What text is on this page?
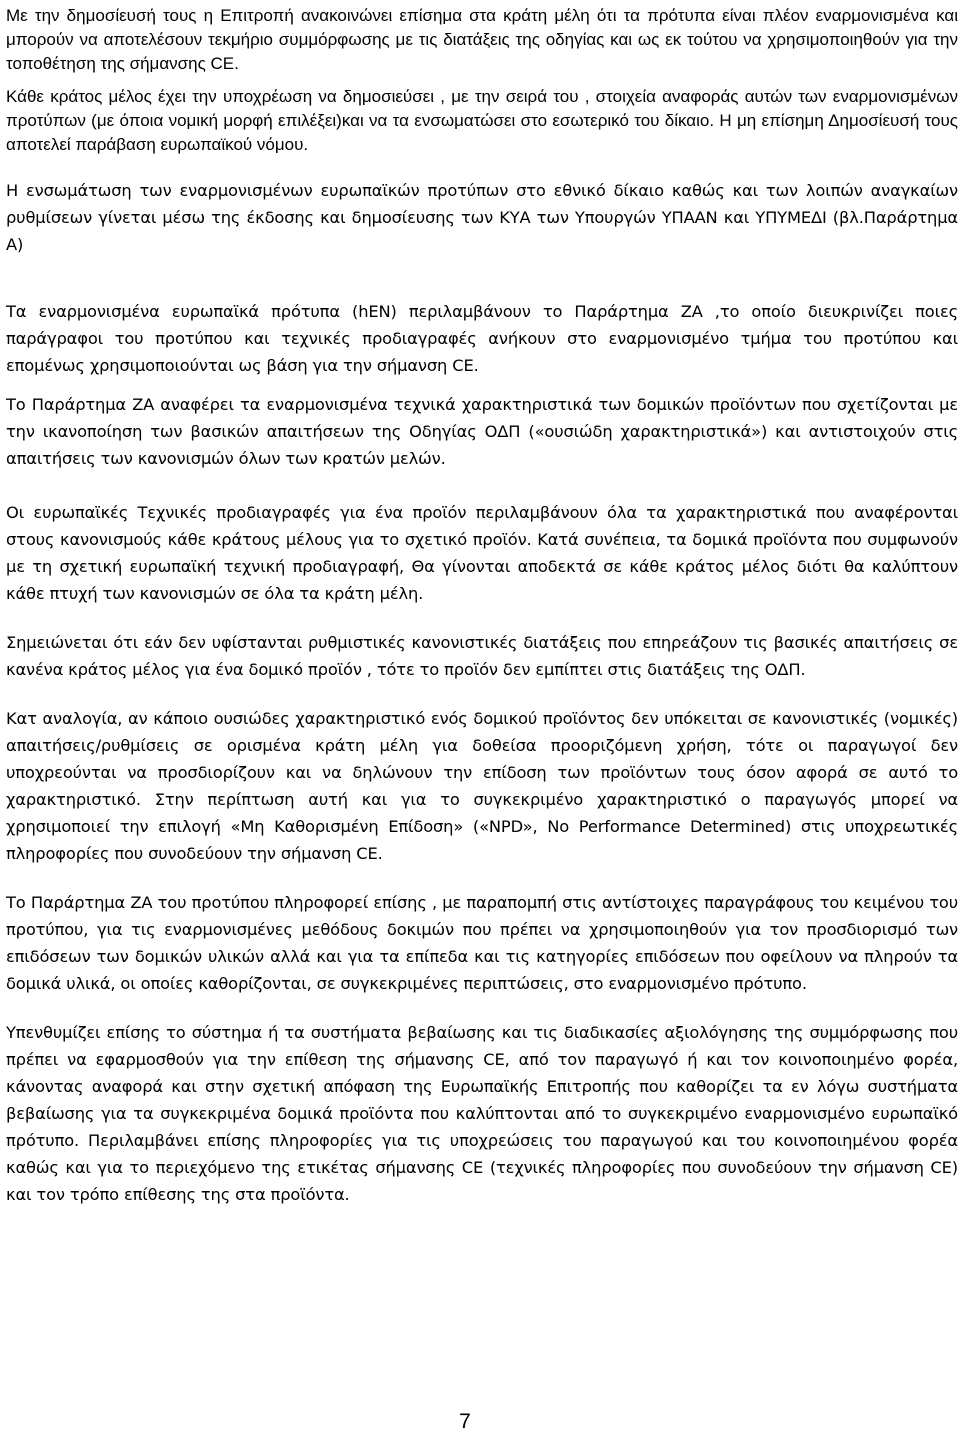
Με την δημοσίευσή τους η Επιτροπή ανακοινώνει επίσημα στα κράτη μέλη ότι τα πρότυπα είναι πλέον εναρμονισμένα και μπορούν να αποτελέσουν τεκμήριο συμμόρφωσης με τις διατάξεις της οδηγίας και ως εκ τούτου να χρησιμοποιηθούν για την τοποθέτηση της σήμανσης CE.

Κάθε κράτος μέλος έχει την υποχρέωση να δημοσιεύσει , με την σειρά του , στοιχεία αναφοράς αυτών των εναρμονισμένων προτύπων (με όποια νομική μορφή επιλέξει)και να τα ενσωματώσει στο εσωτερικό του δίκαιο. Η μη επίσημη Δημοσίευσή τους αποτελεί παράβαση ευρωπαϊκού νόμου.

Η ενσωμάτωση των εναρμονισμένων ευρωπαϊκών προτύπων στο εθνικό δίκαιο καθώς και των λοιπών αναγκαίων ρυθμίσεων γίνεται μέσω της έκδοσης και δημοσίευσης των ΚΥΑ των Υπουργών ΥΠΑΑΝ και ΥΠΥΜΕΔΙ (βλ.Παράρτημα Α)

Τα εναρμονισμένα ευρωπαϊκά πρότυπα (hEN) περιλαμβάνουν το Παράρτημα ΖΑ ,το οποίο διευκρινίζει ποιες παράγραφοι του προτύπου και τεχνικές προδιαγραφές ανήκουν στο εναρμονισμένο τμήμα του προτύπου και επομένως χρησιμοποιούνται ως βάση για την σήμανση CE.

Το Παράρτημα ΖΑ αναφέρει τα εναρμονισμένα τεχνικά χαρακτηριστικά των δομικών προϊόντων που σχετίζονται με την ικανοποίηση των βασικών απαιτήσεων της Οδηγίας ΟΔΠ («ουσιώδη χαρακτηριστικά») και αντιστοιχούν στις απαιτήσεις των κανονισμών όλων των κρατών μελών.

Οι ευρωπαϊκές Τεχνικές προδιαγραφές για ένα προϊόν περιλαμβάνουν όλα τα χαρακτηριστικά που αναφέρονται στους κανονισμούς κάθε κράτους μέλους για το σχετικό προϊόν. Κατά συνέπεια, τα δομικά προϊόντα που συμφωνούν με τη σχετική ευρωπαϊκή τεχνική προδιαγραφή, Θα γίνονται αποδεκτά σε κάθε κράτος μέλος διότι θα καλύπτουν κάθε πτυχή των κανονισμών σε όλα τα κράτη μέλη.

Σημειώνεται ότι εάν δεν υφίστανται ρυθμιστικές κανονιστικές διατάξεις που επηρεάζουν τις βασικές απαιτήσεις σε κανένα κράτος μέλος για ένα δομικό προϊόν , τότε το προϊόν δεν εμπίπτει στις διατάξεις της ΟΔΠ.

Κατ αναλογία, αν κάποιο ουσιώδες χαρακτηριστικό ενός δομικού προϊόντος δεν υπόκειται σε κανονιστικές (νομικές) απαιτήσεις/ρυθμίσεις σε ορισμένα κράτη μέλη για δοθείσα προοριζόμενη χρήση, τότε οι παραγωγοί δεν υποχρεούνται να προσδιορίζουν και να δηλώνουν την επίδοση των προϊόντων τους όσον αφορά σε αυτό το χαρακτηριστικό. Στην περίπτωση αυτή και για το συγκεκριμένο χαρακτηριστικό ο παραγωγός μπορεί να χρησιμοποιεί την επιλογή «Μη Καθορισμένη Επίδοση» («NPD», No Performance Determined) στις υποχρεωτικές πληροφορίες που συνοδεύουν την σήμανση CE.

Το Παράρτημα ΖΑ του προτύπου πληροφορεί επίσης , με παραπομπή στις αντίστοιχες παραγράφους του κειμένου του προτύπου, για τις εναρμονισμένες μεθόδους δοκιμών που πρέπει να χρησιμοποιηθούν για τον προσδιορισμό των επιδόσεων των δομικών υλικών αλλά και για τα επίπεδα και τις κατηγορίες επιδόσεων που οφείλουν να πληρούν τα δομικά υλικά, οι οποίες καθορίζονται, σε συγκεκριμένες περιπτώσεις, στο εναρμονισμένο πρότυπο.

Υπενθυμίζει επίσης το σύστημα ή τα συστήματα βεβαίωσης και τις διαδικασίες αξιολόγησης της συμμόρφωσης που πρέπει να εφαρμοσθούν για την επίθεση της σήμανσης CE, από τον παραγωγό ή και τον κοινοποιημένο φορέα, κάνοντας αναφορά και στην σχετική απόφαση της Ευρωπαϊκής Επιτροπής που καθορίζει τα εν λόγω συστήματα βεβαίωσης για τα συγκεκριμένα δομικά προϊόντα που καλύπτονται από το συγκεκριμένο εναρμονισμένο ευρωπαϊκό πρότυπο. Περιλαμβάνει επίσης πληροφορίες για τις υποχρεώσεις του παραγωγού και του κοινοποιημένου φορέα καθώς και για το περιεχόμενο της ετικέτας σήμανσης CE (τεχνικές πληροφορίες που συνοδεύουν την σήμανση CE) και τον τρόπο επίθεσης της στα προϊόντα.

7
